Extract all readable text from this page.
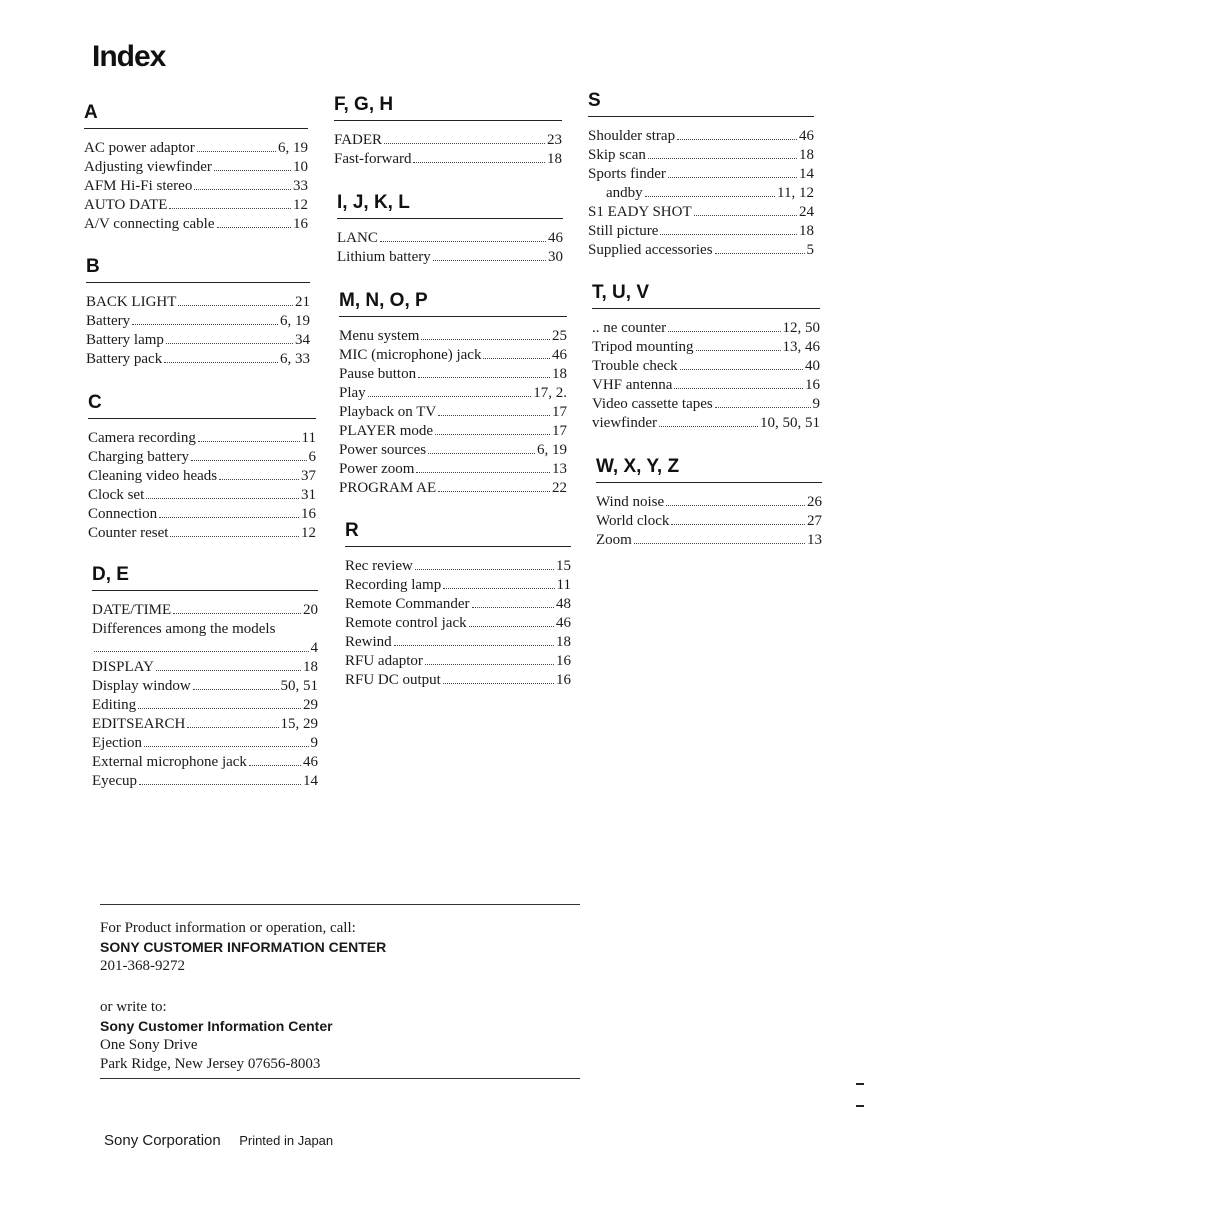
Index
A
AC power adaptor	6, 19
Adjusting viewfinder	10
AFM Hi-Fi stereo	33
AUTO DATE	12
A/V connecting cable	16
B
BACK LIGHT	21
Battery	6, 19
Battery lamp	34
Battery pack	6, 33
C
Camera recording	11
Charging battery	6
Cleaning video heads	37
Clock set	31
Connection	16
Counter reset	12
D, E
DATE/TIME	20
Differences among the models
4
DISPLAY	18
Display window	50, 51
Editing	29
EDITSEARCH	15, 29
Ejection	9
External microphone jack	46
Eyecup	14
F, G, H
FADER	23
Fast-forward	18
I, J, K, L
LANC	46
Lithium battery	30
M, N, O, P
Menu system	25
MIC (microphone) jack	46
Pause button	18
Play	17, 2.
Playback on TV	17
PLAYER mode	17
Power sources	6, 19
Power zoom	13
PROGRAM AE	22
R
Rec review	15
Recording lamp	11
Remote Commander	48
Remote control jack	46
Rewind	18
RFU adaptor	16
RFU DC output	16
S
Shoulder strap	46
Skip scan	18
Sports finder	14
andby	11, 12
S1 EADY SHOT	24
Still picture	18
Supplied accessories	5
T, U, V
.. ne counter	12, 50
Tripod mounting	13, 46
Trouble check	40
VHF antenna	16
Video cassette tapes	9
viewfinder	10, 50, 51
W, X, Y, Z
Wind noise	26
World clock	27
Zoom	13
For Product information or operation, call:
SONY CUSTOMER INFORMATION CENTER
201-368-9272
or write to:
Sony Customer Information Center
One Sony Drive
Park Ridge, New Jersey 07656-8003
Sony Corporation Printed in Japan
